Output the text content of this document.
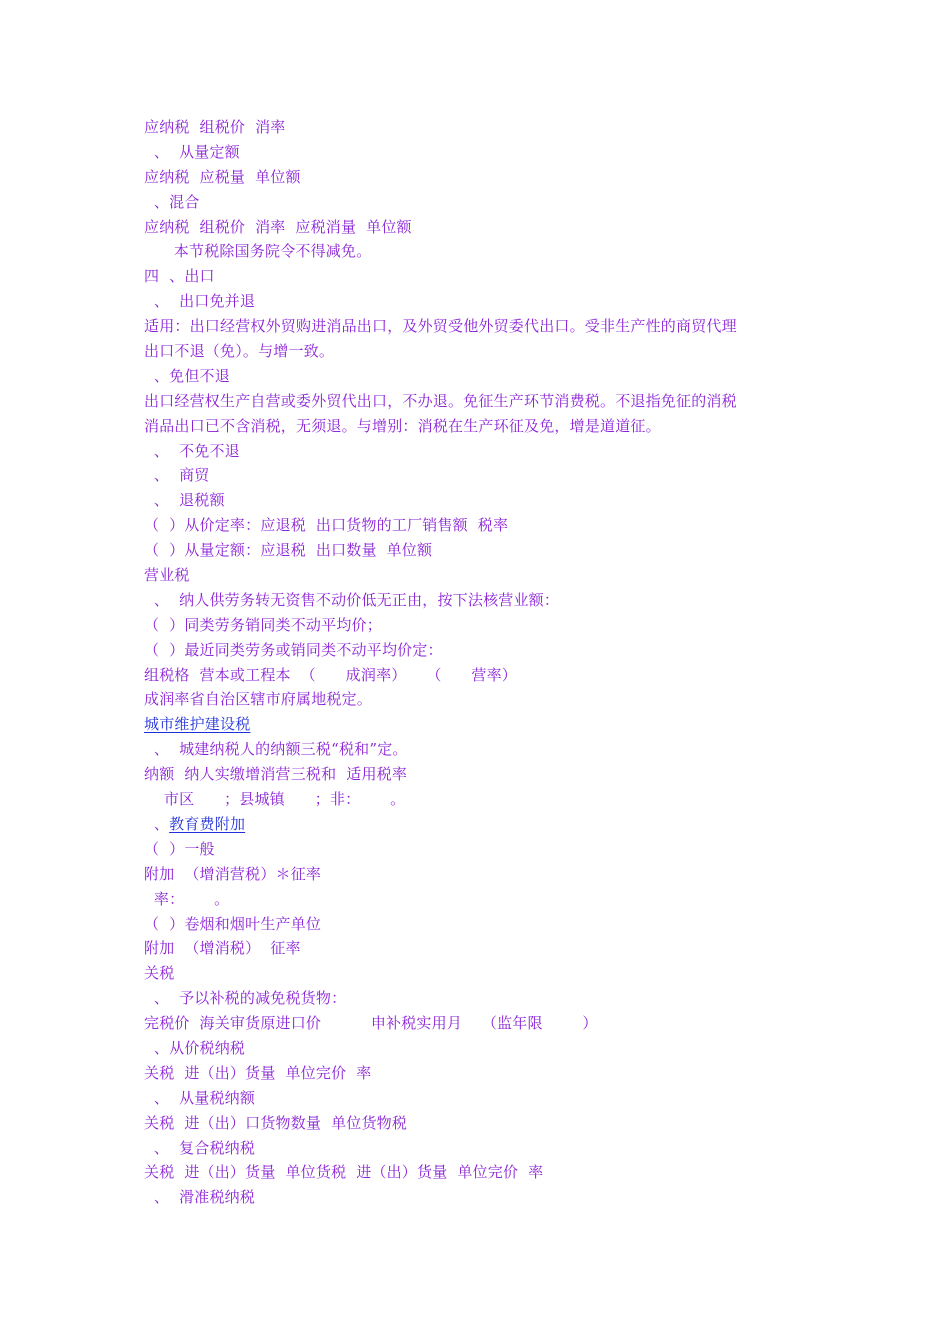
应纳税  组税价  消率
、  从量定额
应纳税  应税量  单位额
、混合
应纳税  组税价  消率  应税消量  单位额
本节税除国务院令不得减免。
四  、出口
、  出口免并退
适用：出口经营权外贸购进消品出口，及外贸受他外贸委代出口。受非生产性的商贸代理
出口不退（免）。与增一致。
、免但不退
出口经营权生产自营或委外贸代出口，不办退。免征生产环节消费税。不退指免征的消税
消品出口已不含消税，无须退。与增别：消税在生产环征及免，增是道道征。
、  不免不退
、  商贸
、  退税额
（  ）从价定率：应退税  出口货物的工厂销售额  税率
（  ）从量定额：应退税  出口数量  单位额
营业税
、  纳人供劳务转无资售不动价低无正由，按下法核营业额：
（  ）同类劳务销同类不动平均价；
（  ）最近同类劳务或销同类不动平均价定：
组税格  营本或工程本  （      成润率）    （      营率）
成润率省自治区辖市府属地税定。
城市维护建设税
、  城建纳税人的纳额三税“税和”定。
纳额  纳人实缴增消营三税和  适用税率
市区      ；县城镇      ；非：      。
、教育费附加
（  ）一般
附加  （增消营税）＊征率
率：      。
（  ）卷烟和烟叶生产单位
附加  （增消税）  征率
关税
、  予以补税的减免税货物：
完税价  海关审货原进口价          申补税实用月    （监年限        ）
、从价税纳税
关税  进（出）货量  单位完价  率
、  从量税纳额
关税  进（出）口货物数量  单位货物税
、  复合税纳税
关税  进（出）货量  单位货税  进（出）货量  单位完价  率
、  滑准税纳税
